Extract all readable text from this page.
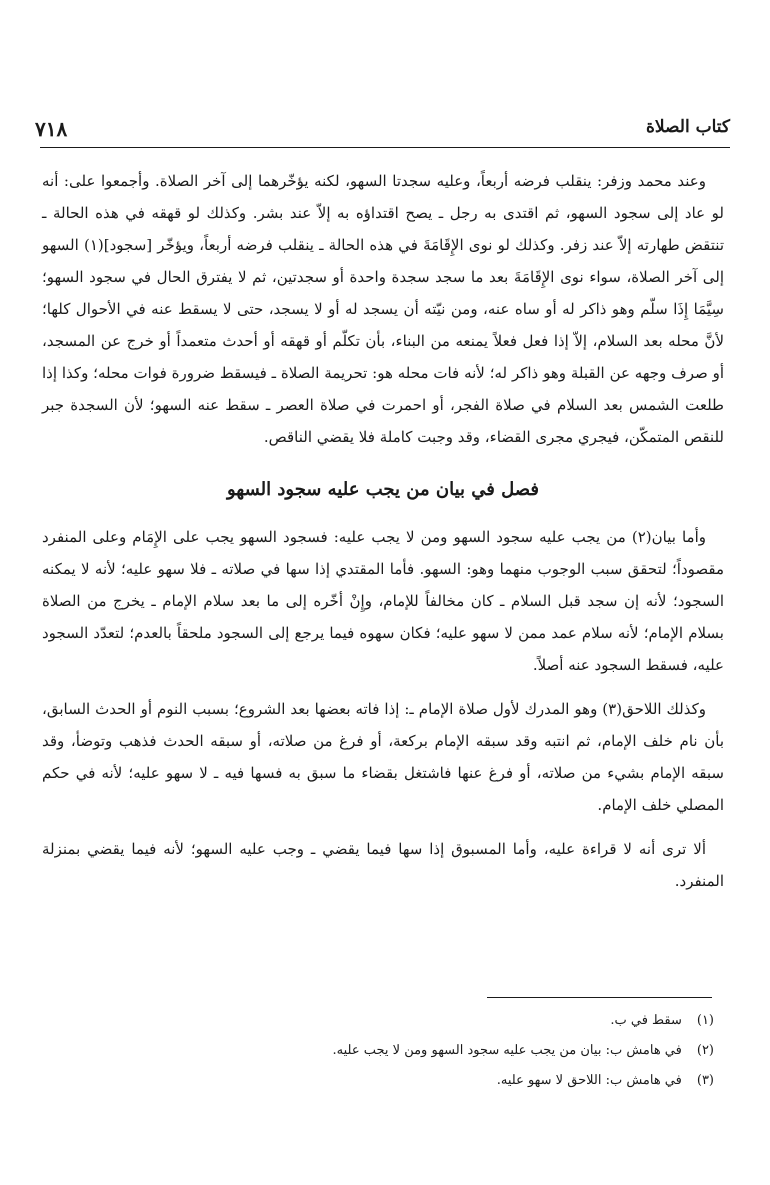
٧١٨	كتاب الصلاة

وعند محمد وزفر: ينقلب فرضه أربعاً، وعليه سجدتا السهو، لكنه يؤخّرهما إلى آخر الصلاة. وأجمعوا على: أنه لو عاد إلى سجود السهو، ثم اقتدى به رجل ـ يصح اقتداؤه به إلاّ عند بشر. وكذلك لو قهقه في هذه الحالة ـ تنتقض طهارته إلاّ عند زفر. وكذلك لو نوى الإِقَامَةَ في هذه الحالة ـ ينقلب فرضه أربعاً، ويؤخّر [سجود](١) السهو إلى آخر الصلاة، سواء نوى الإِقَامَةَ بعد ما سجد سجدة واحدة أو سجدتين، ثم لا يفترق الحال في سجود السهو؛ سِيَّمَا إِذَا سلّم وهو ذاكر له أو ساه عنه، ومن نيّته أن يسجد له أو لا يسجد، حتى لا يسقط عنه في الأحوال كلها؛ لأنَّ محله بعد السلام، إلاّ إذا فعل فعلاً يمنعه من البناء، بأن تكلّم أو قهقه أو أحدث متعمداً أو خرج عن المسجد، أو صرف وجهه عن القبلة وهو ذاكر له؛ لأنه فات محله هو: تحريمة الصلاة ـ فيسقط ضرورة فوات محله؛ وكذا إذا طلعت الشمس بعد السلام في صلاة الفجر، أو احمرت في صلاة العصر ـ سقط عنه السهو؛ لأن السجدة جبر للنقص المتمكّن، فيجري مجرى القضاء، وقد وجبت كاملة فلا يقضي الناقص.

فصل في بيان من يجب عليه سجود السهو

وأما بيان(٢) من يجب عليه سجود السهو ومن لا يجب عليه: فسجود السهو يجب على الإِمَام وعلى المنفرد مقصوداً؛ لتحقق سبب الوجوب منهما وهو: السهو. فأما المقتدي إذا سها في صلاته ـ فلا سهو عليه؛ لأنه لا يمكنه السجود؛ لأنه إن سجد قبل السلام ـ كان مخالفاً للإمام، وإِنْ أخّره إلى ما بعد سلام الإمام ـ يخرج من الصلاة بسلام الإمام؛ لأنه سلام عمد ممن لا سهو عليه؛ فكان سهوه فيما يرجع إلى السجود ملحقاً بالعدم؛ لتعدّد السجود عليه، فسقط السجود عنه أصلاً.

وكذلك اللاحق(٣) وهو المدرك لأول صلاة الإمام ـ: إذا فاته بعضها بعد الشروع؛ بسبب النوم أو الحدث السابق، بأن نام خلف الإمام، ثم انتبه وقد سبقه الإمام بركعة، أو فرغ من صلاته، أو سبقه الحدث فذهب وتوضأ، وقد سبقه الإمام بشيء من صلاته، أو فرغ عنها فاشتغل بقضاء ما سبق به فسها فيه ـ لا سهو عليه؛ لأنه في حكم المصلي خلف الإمام.

ألا ترى أنه لا قراءة عليه، وأما المسبوق إذا سها فيما يقضي ـ وجب عليه السهو؛ لأنه فيما يقضي بمنزلة المنفرد.

(١) سقط في ب.
(٢) في هامش ب: بيان من يجب عليه سجود السهو ومن لا يجب عليه.
(٣) في هامش ب: اللاحق لا سهو عليه.
